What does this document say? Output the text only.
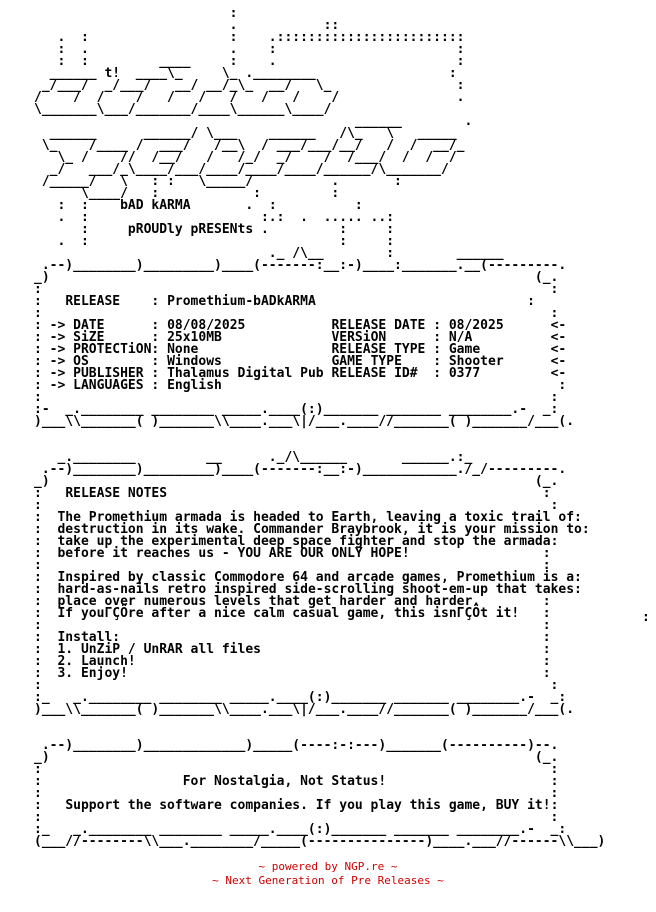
:
.           ::
.  :                  :    .::::::::::::::::::::::::
:  .                  .    :                       :
:  :         ____     :    .                       :
______ t!  ____\_     \_ .________                 :
_/___/  _/___/   __/ __/_\_  __/   \_                :
/    /  /    /   /   /   /   /   /    /               .
\_______\___/_______/____\______\____/
______        .
______      ______/ \___    ______   /\_   \   _____
\_    /____ /  ___/   /__\  / ___/___/__/   /  /  __/_
\_ /    //  /__/   /   /_/  _/    /  /___/  /  /  /
_/   ___/_\____/___/____/____/____/______/\_______/
/_____/   \   : :   \_____/          .       :
\____/   :            :         :
:  :    bAD kARMA       .  :          :
.  :                      :.:  .  ..... ..:
:     pROUDly pRESENts .         :     :
.  :                                :     :
._ /\__        :        ______
.--)________)_________)____(-------:__:-)____:_______.__(---------.
_)                                                              (_.
:                                                                 :
:   RELEASE    : Promethium-bADkARMA                           :
:                                                                 :
: -> DATE      : 08/08/2025           RELEASE DATE : 08/2025      <-
: -> SiZE      : 25x10MB              VERSiON      : N/A          <-
: -> PROTECTiON: None                 RELEASE TYPE : Game         <-
: -> OS        : Windows              GAME TYPE    : Shooter      <-
: -> PUBLISHER : Thalamus Digital Pub RELEASE ID#  : 0377         <-
: -> LANGUAGES : English                                           :
:                                                                 :
:-  _.________ ________ _____.____(:)_______ _______ ________.-  _:
)___\\_______( )_______\\____.___\|/___.____//_______( )_______/___(.

_.________         __      ._/\______       ______.:_
.--)________)_________)____(-------:__:-)____________./_/---------.
_)                                                              (_.
:   RELEASE NOTES                                                :
:                                                                 :
:  The Promethium armada is headed to Earth, leaving a toxic trail of:
:  destruction in its wake. Commander Braybrook, it is your mission to:
:  take up the experimental deep space fighter and stop the armada:
:  before it reaches us - YOU ARE OUR ONLY HOPE!                 :
:	:
:  Inspired by classic Commodore 64 and arcade games, Promethium is a:
:  hard-as-nails retro inspired side-scrolling shoot-em-up that takes:
:  place over numerous levels that get harder and harder.        :
:  If youΓÇÖre after a nice calm casual game, this isnΓÇÖt it!   :
:	:
:  Install:                                                      :
:  1. UnZiP / UnRAR all files                                    :
:  2. Launch!                                                    :
:  3. Enjoy!                                                     :
:                                                                 :
:_   _.________ ________ _____.____(:)_______ _______ ________.-  _:
)___\\_______( )_______\\____.___\|/___.____//_______( )_______/___(.

.--)________)_____________)_____(----:-:---)_______(----------)--.
_)                                                              (_.
:                                                                 :
:                  For Nostalgia, Not Status!                     :
:                                                                 :
:   Support the software companies. If you play this game, BUY it!:
:                                                                 :
:_   _.________ ________ _____.____(:)_______ _______ ________.-  _:
(___//--------\\___.________/_____(---------------)____.___//------\\___)
:
~ powered by NGP.re ~
~ Next Generation of Pre Releases ~
